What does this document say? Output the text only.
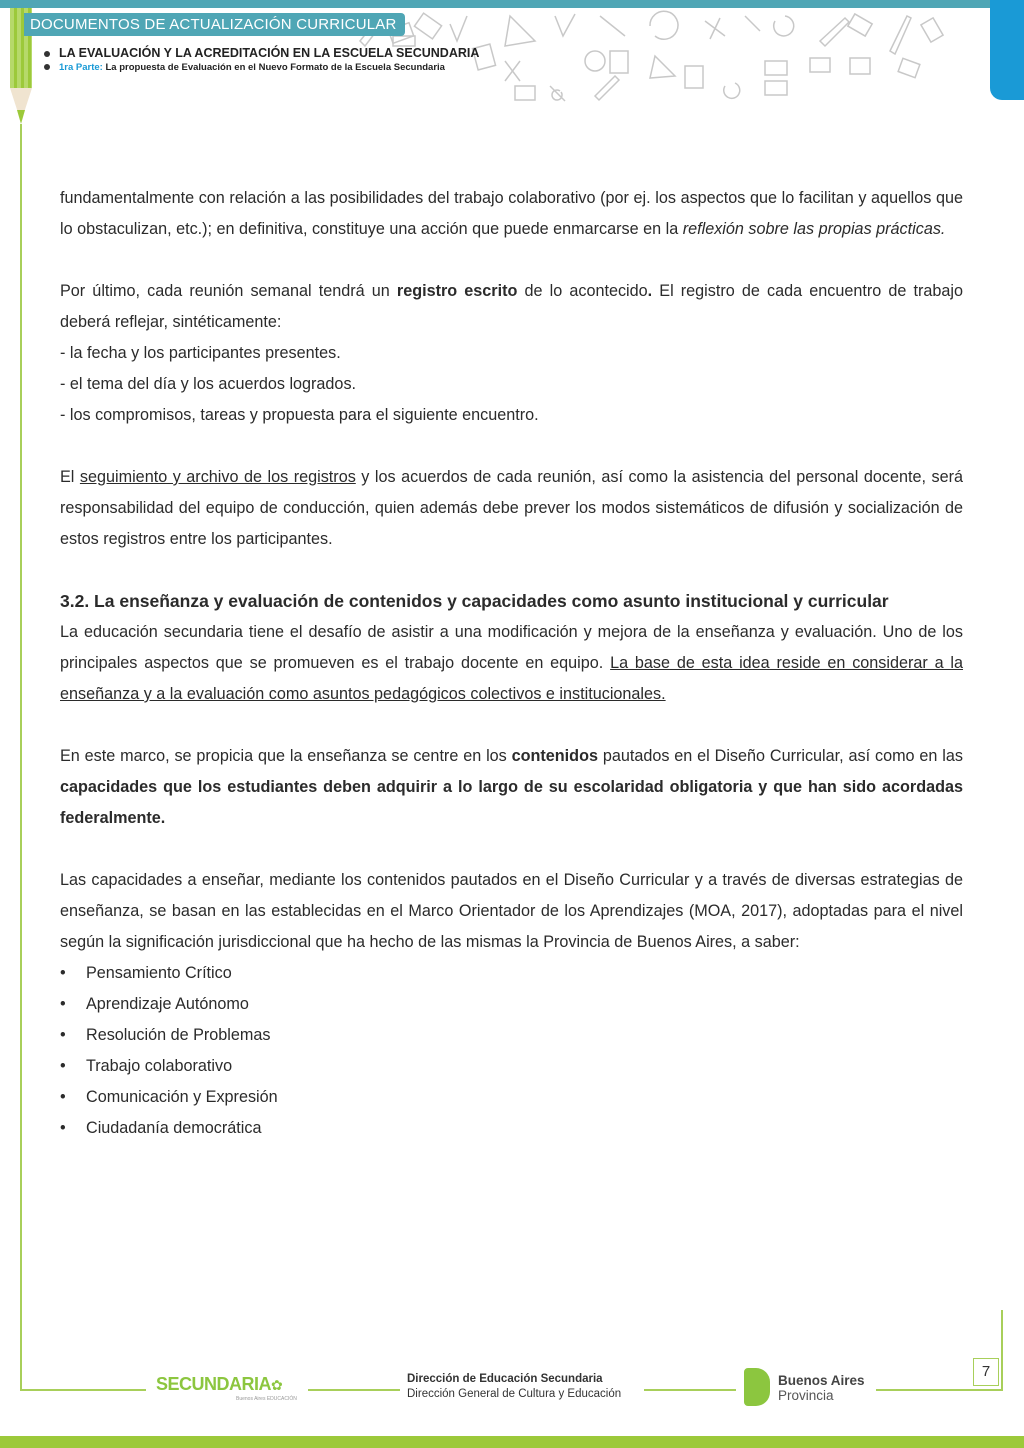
DOCUMENTOS DE ACTUALIZACIÓN CURRICULAR
LA EVALUACIÓN Y LA ACREDITACIÓN EN LA ESCUELA SECUNDARIA
1ra Parte: La propuesta de Evaluación en el Nuevo Formato de la Escuela Secundaria

fundamentalmente con relación a las posibilidades del trabajo colaborativo (por ej. los aspectos que lo facilitan y aquellos que lo obstaculizan, etc.); en definitiva, constituye una acción que puede enmarcarse en la reflexión sobre las propias prácticas.

Por último, cada reunión semanal tendrá un registro escrito de lo acontecido. El registro de cada encuentro de trabajo deberá reflejar, sintéticamente:
- la fecha y los participantes presentes.
- el tema del día y los acuerdos logrados.
- los compromisos, tareas y propuesta para el siguiente encuentro.

El seguimiento y archivo de los registros y los acuerdos de cada reunión, así como la asistencia del personal docente, será responsabilidad del equipo de conducción, quien además debe prever los modos sistemáticos de difusión y socialización de estos registros entre los participantes.

3.2. La enseñanza y evaluación de contenidos y capacidades como asunto institucional y curricular

La educación secundaria tiene el desafío de asistir a una modificación y mejora de la enseñanza y evaluación. Uno de los principales aspectos que se promueven es el trabajo docente en equipo. La base de esta idea reside en considerar a la enseñanza y a la evaluación como asuntos pedagógicos colectivos e institucionales.

En este marco, se propicia que la enseñanza se centre en los contenidos pautados en el Diseño Curricular, así como en las capacidades que los estudiantes deben adquirir a lo largo de su escolaridad obligatoria y que han sido acordadas federalmente.

Las capacidades a enseñar, mediante los contenidos pautados en el Diseño Curricular y a través de diversas estrategias de enseñanza, se basan en las establecidas en el Marco Orientador de los Aprendizajes (MOA, 2017), adoptadas para el nivel según la significación jurisdiccional que ha hecho de las mismas la Provincia de Buenos Aires, a saber:

• Pensamiento Crítico
• Aprendizaje Autónomo
• Resolución de Problemas
• Trabajo colaborativo
• Comunicación y Expresión
• Ciudadanía democrática
SECUNDARIA✿
Buenos Aires EDUCACIÓN
Dirección de Educación Secundaria
Dirección General de Cultura y Educación
Buenos Aires
Provincia
7
